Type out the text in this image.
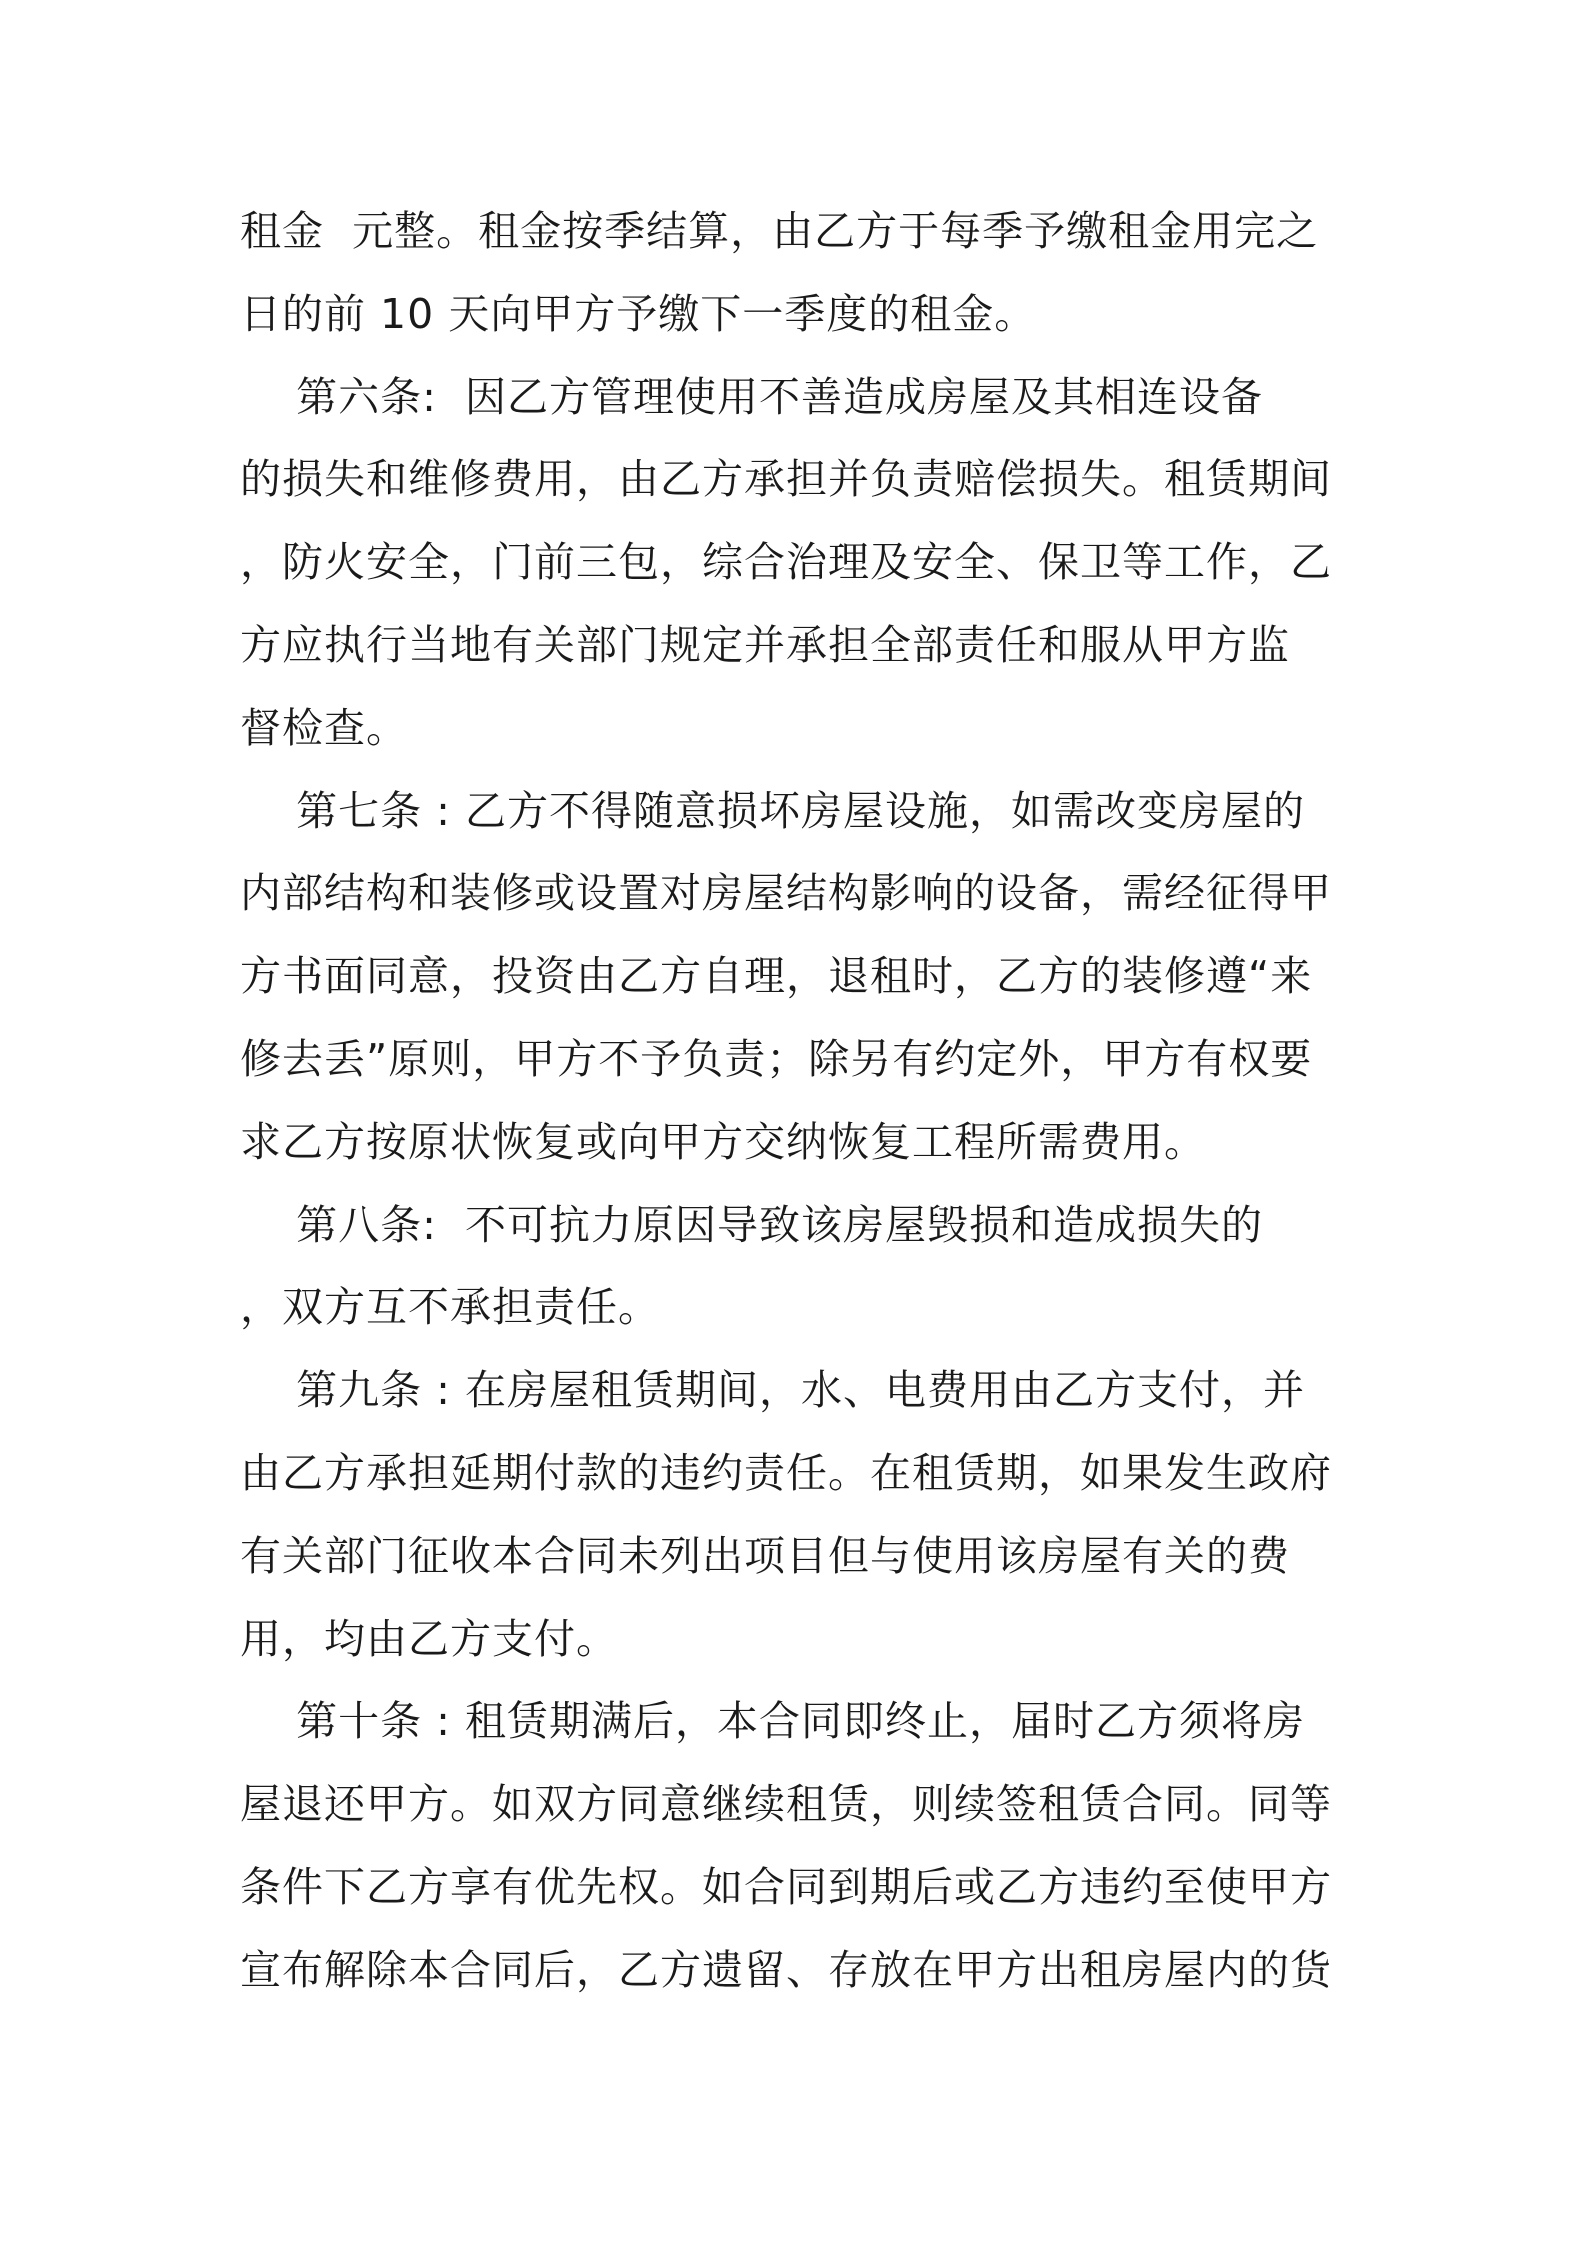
租金  元整。租金按季结算，由乙方于每季予缴租金用完之
日的前 10 天向甲方予缴下一季度的租金。
第六条:  因乙方管理使用不善造成房屋及其相连设备
的损失和维修费用，由乙方承担并负责赔偿损失。租赁期间
，防火安全，门前三包，综合治理及安全、保卫等工作，乙
方应执行当地有关部门规定并承担全部责任和服从甲方监
督检查。
第七条 : 乙方不得随意损坏房屋设施，如需改变房屋的
内部结构和装修或设置对房屋结构影响的设备，需经征得甲
方书面同意，投资由乙方自理，退租时，乙方的装修遵“来
修去丢”原则，甲方不予负责；除另有约定外，甲方有权要
求乙方按原状恢复或向甲方交纳恢复工程所需费用。
第八条:  不可抗力原因导致该房屋毁损和造成损失的
，双方互不承担责任。
第九条 : 在房屋租赁期间，水、电费用由乙方支付，并
由乙方承担延期付款的违约责任。在租赁期，如果发生政府
有关部门征收本合同未列出项目但与使用该房屋有关的费
用，均由乙方支付。
第十条 : 租赁期满后，本合同即终止，届时乙方须将房
屋退还甲方。如双方同意继续租赁，则续签租赁合同。同等
条件下乙方享有优先权。如合同到期后或乙方违约至使甲方
宣布解除本合同后，乙方遗留、存放在甲方出租房屋内的货
